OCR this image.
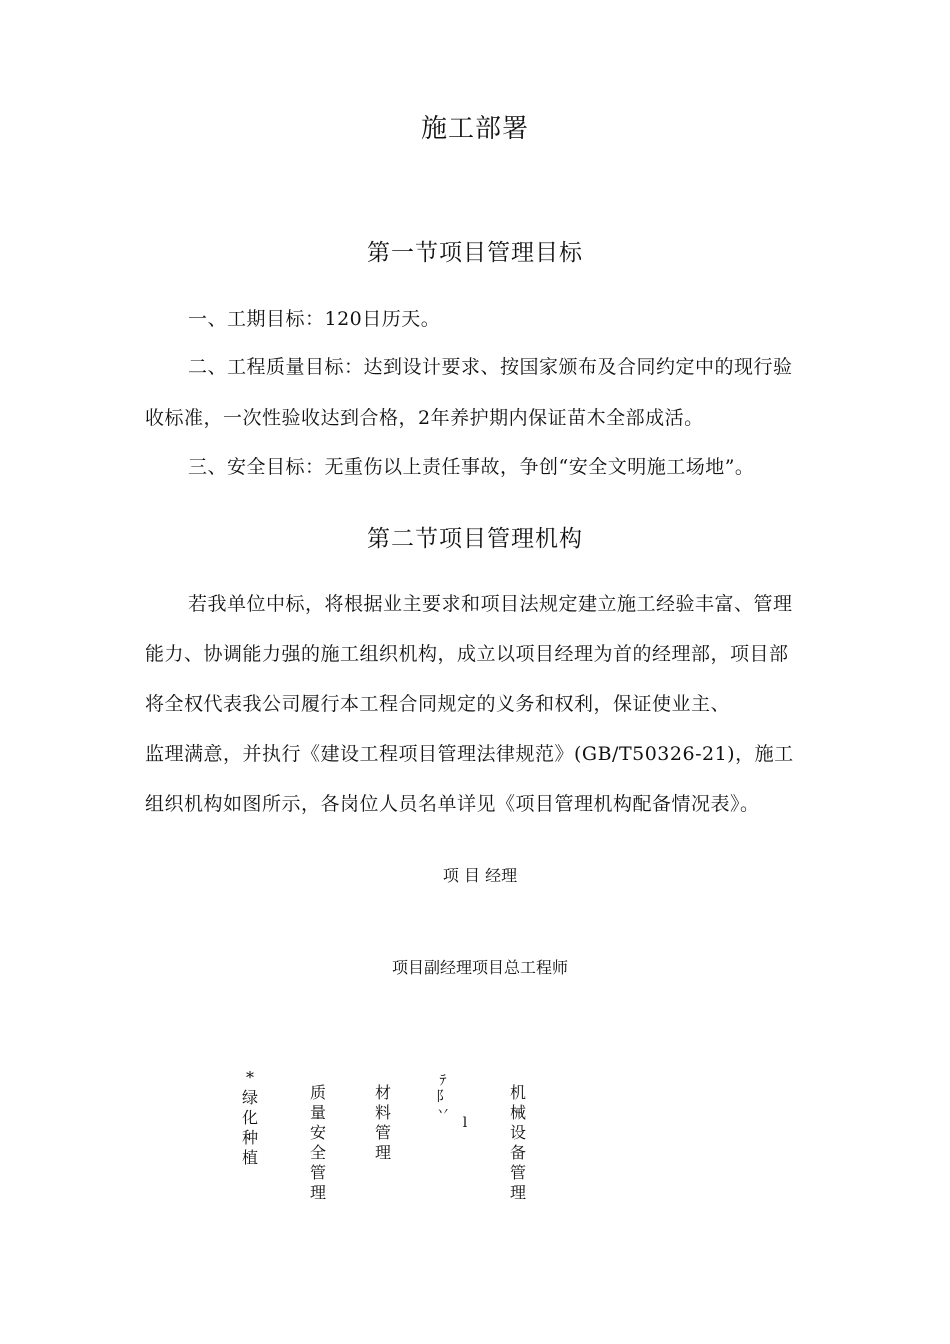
施工部署
第一节项目管理目标
一、工期目标：120日历天。
二、工程质量目标：达到设计要求、按国家颁布及合同约定中的现行验
收标准，一次性验收达到合格，2年养护期内保证苗木全部成活。
三、安全目标：无重伤以上责任事故，争创“安全文明施工场地”。
第二节项目管理机构
若我单位中标，将根据业主要求和项目法规定建立施工经验丰富、管理
能力、协调能力强的施工组织机构，成立以项目经理为首的经理部，项目部
将全权代表我公司履行本工程合同规定的义务和权利，保证使业主、
监理满意，并执行《建设工程项目管理法律规范》(GB/T50326-21)，施工
组织机构如图所示，各岗位人员名单详见《项目管理机构配备情况表》。
项 目 经理
项目副经理项目总工程师
*绿化种植
质量安全管理
材料管理
ﾃ 阝丷
l
机械设备管理
